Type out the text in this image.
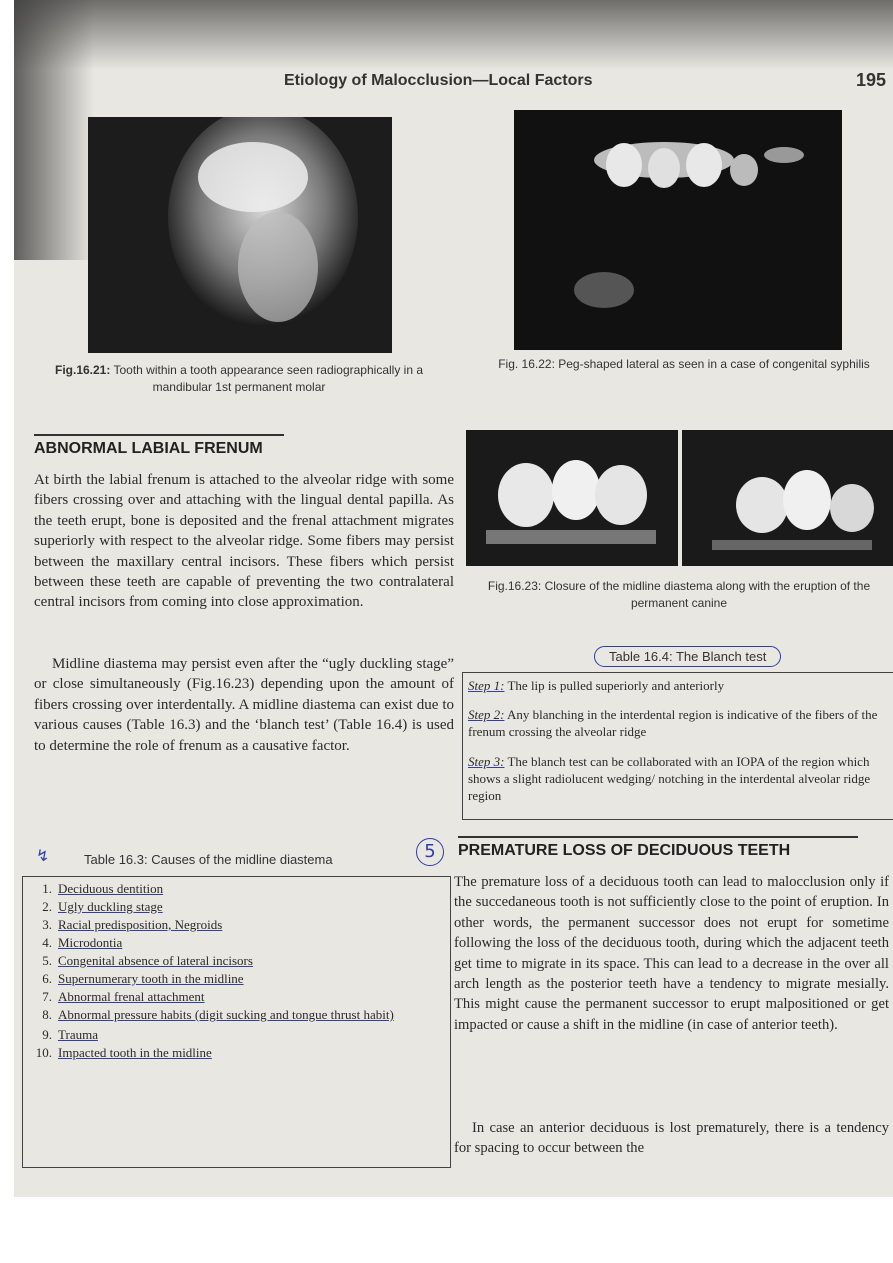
Etiology of Malocclusion—Local Factors	195
Fig.16.21: Tooth within a tooth appearance seen radiographically in a mandibular 1st permanent molar
Fig. 16.22: Peg-shaped lateral as seen in a case of congenital syphilis
Fig.16.23: Closure of the midline diastema along with the eruption of the permanent canine
ABNORMAL LABIAL FRENUM

At birth the labial frenum is attached to the alveolar ridge with some fibers crossing over and attaching with the lingual dental papilla. As the teeth erupt, bone is deposited and the frenal attachment migrates superiorly with respect to the alveolar ridge. Some fibers may persist between the maxillary central incisors. These fibers which persist between these teeth are capable of preventing the two contralateral central incisors from coming into close approximation.

Midline diastema may persist even after the “ugly duckling stage” or close simultaneously (Fig.16.23) depending upon the amount of fibers crossing over interdentally. A midline diastema can exist due to various causes (Table 16.3) and the ‘blanch test’ (Table 16.4) is used to determine the role of frenum as a causative factor.

↯	Table 16.3: Causes of the midline diastema
1. Deciduous dentition
2. Ugly duckling stage
3. Racial predisposition, Negroids
4. Microdontia
5. Congenital absence of lateral incisors
6. Supernumerary tooth in the midline
7. Abnormal frenal attachment
8. Abnormal pressure habits (digit sucking and tongue thrust habit)
9. Trauma
10. Impacted tooth in the midline
Table 16.4: The Blanch test
Step 1: The lip is pulled superiorly and anteriorly
Step 2: Any blanching in the interdental region is indicative of the fibers of the frenum crossing the alveolar ridge
Step 3: The blanch test can be collaborated with an IOPA of the region which shows a slight radiolucent wedging/ notching in the interdental alveolar ridge region
5	PREMATURE LOSS OF DECIDUOUS TEETH

The premature loss of a deciduous tooth can lead to malocclusion only if the succedaneous tooth is not sufficiently close to the point of eruption. In other words, the permanent successor does not erupt for sometime following the loss of the deciduous tooth, during which the adjacent teeth get time to migrate in its space. This can lead to a decrease in the over all arch length as the posterior teeth have a tendency to migrate mesially. This might cause the permanent successor to erupt malpositioned or get impacted or cause a shift in the midline (in case of anterior teeth).

In case an anterior deciduous is lost prematurely, there is a tendency for spacing to occur between the
